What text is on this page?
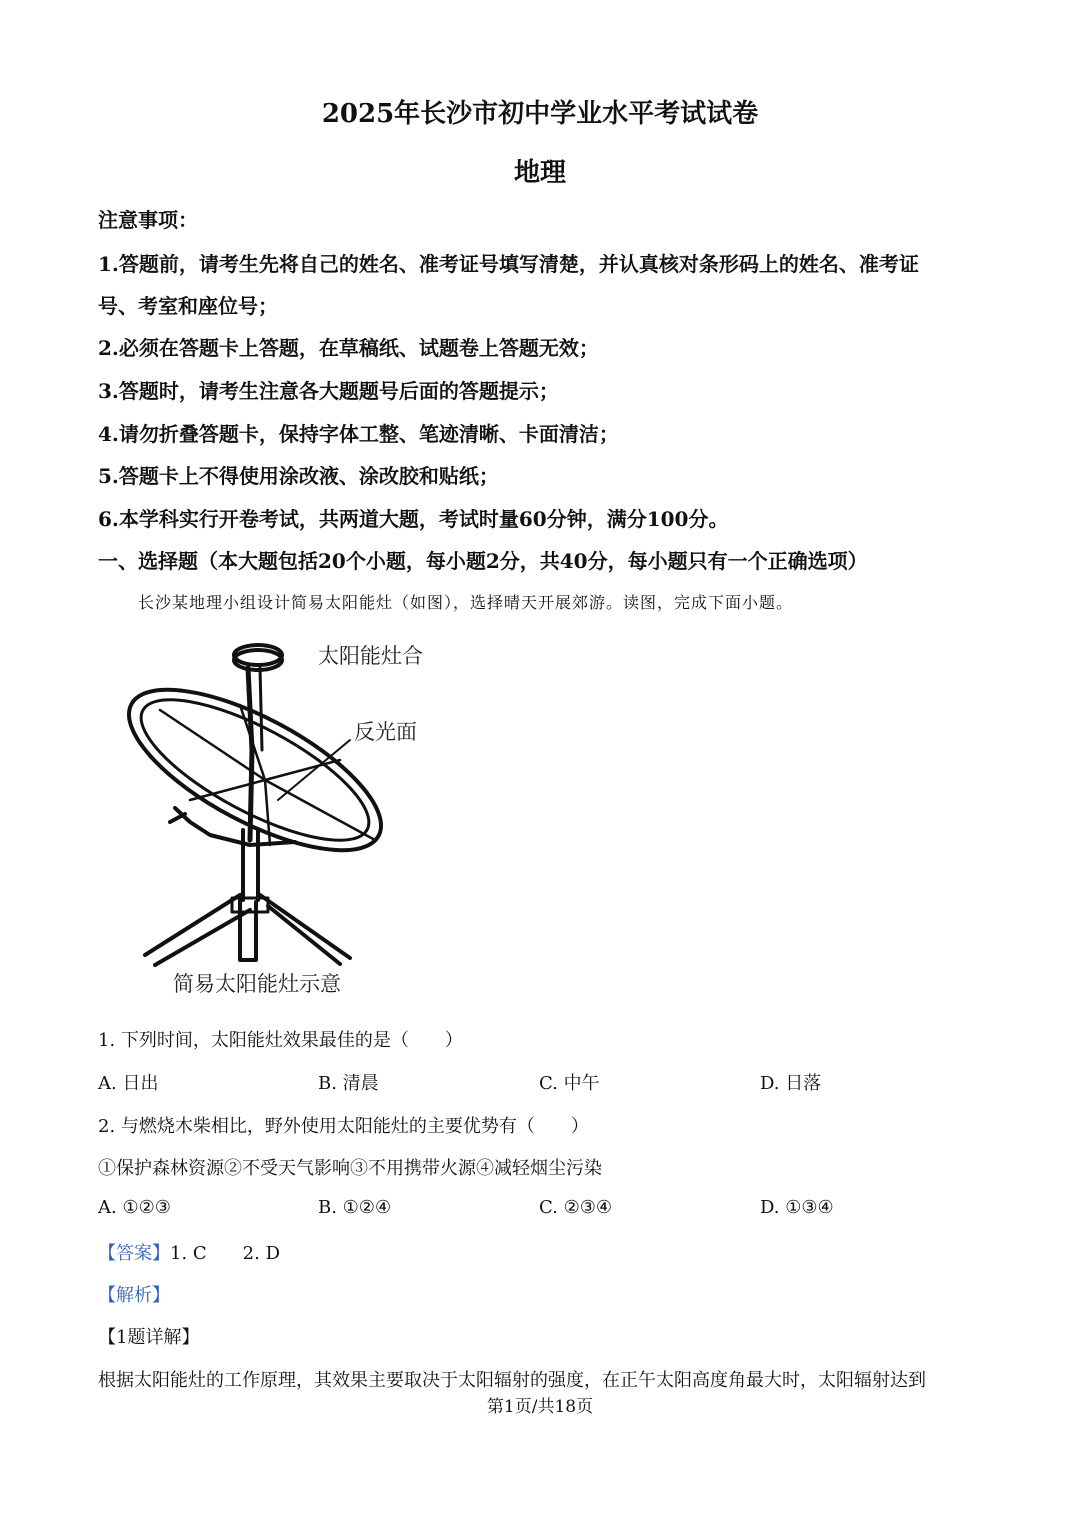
2025年长沙市初中学业水平考试试卷
地理
注意事项：
1.答题前，请考生先将自己的姓名、准考证号填写清楚，并认真核对条形码上的姓名、准考证
号、考室和座位号；
2.必须在答题卡上答题，在草稿纸、试题卷上答题无效；
3.答题时，请考生注意各大题题号后面的答题提示；
4.请勿折叠答题卡，保持字体工整、笔迹清晰、卡面清洁；
5.答题卡上不得使用涂改液、涂改胶和贴纸；
6.本学科实行开卷考试，共两道大题，考试时量60分钟，满分100分。
一、选择题（本大题包括20个小题，每小题2分，共40分，每小题只有一个正确选项）
长沙某地理小组设计简易太阳能灶（如图），选择晴天开展郊游。读图，完成下面小题。
太阳能灶合
反光面
简易太阳能灶示意
1. 下列时间，太阳能灶效果最佳的是（　　）
A. 日出	B. 清晨	C. 中午	D. 日落
2. 与燃烧木柴相比，野外使用太阳能灶的主要优势有（　　）
①保护森林资源②不受天气影响③不用携带火源④减轻烟尘污染
A. ①②③	B. ①②④	C. ②③④	D. ①③④
【答案】1. C　　2. D
【解析】
【1题详解】
根据太阳能灶的工作原理，其效果主要取决于太阳辐射的强度，在正午太阳高度角最大时，太阳辐射达到
第1页/共18页
